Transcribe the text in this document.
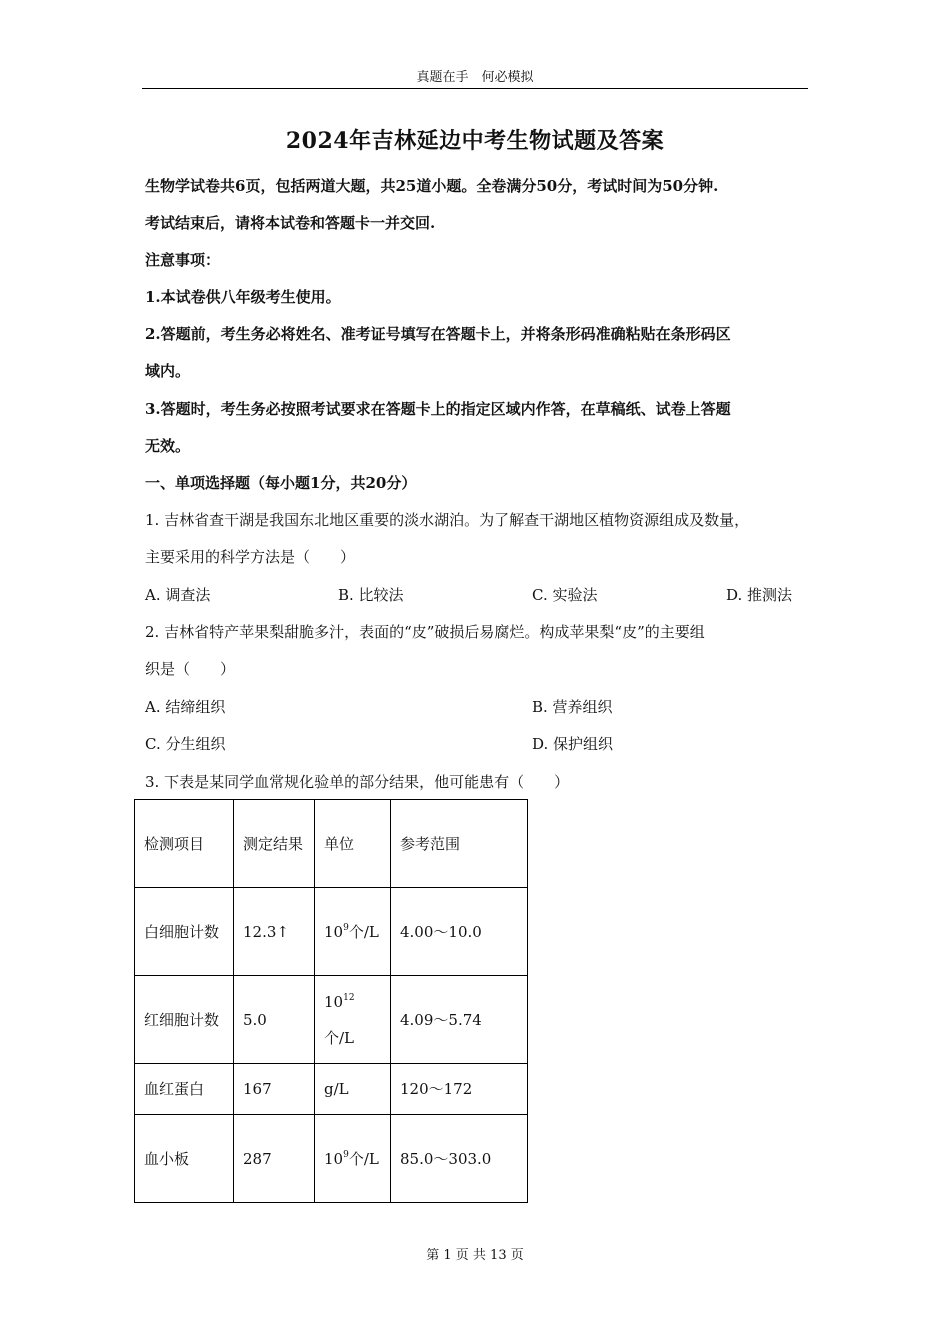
真题在手　何必模拟
2024年吉林延边中考生物试题及答案
生物学试卷共6页，包括两道大题，共25道小题。全卷满分50分，考试时间为50分钟.
考试结束后，请将本试卷和答题卡一并交回.
注意事项：
1.本试卷供八年级考生使用。
2.答题前，考生务必将姓名、准考证号填写在答题卡上，并将条形码准确粘贴在条形码区
域内。
3.答题时，考生务必按照考试要求在答题卡上的指定区域内作答，在草稿纸、试卷上答题
无效。
一、单项选择题（每小题1分，共20分）
1. 吉林省查干湖是我国东北地区重要的淡水湖泊。为了解查干湖地区植物资源组成及数量，
主要采用的科学方法是（　　）
A. 调查法	B. 比较法	C. 实验法	D. 推测法
2. 吉林省特产苹果梨甜脆多汁，表面的“皮”破损后易腐烂。构成苹果梨“皮”的主要组
织是（　　）
A. 结缔组织	B. 营养组织
C. 分生组织	D. 保护组织
3. 下表是某同学血常规化验单的部分结果，他可能患有（　　）
检测项目	测定结果	单位	参考范围
白细胞计数	12.3↑	$10^9$个/L	4.00～10.0
红细胞计数	5.0	$10^{12}$个/L	4.09～5.74
血红蛋白	167	g/L	120～172
血小板	287	$10^9$个/L	85.0～303.0
第 1 页 共 13 页
